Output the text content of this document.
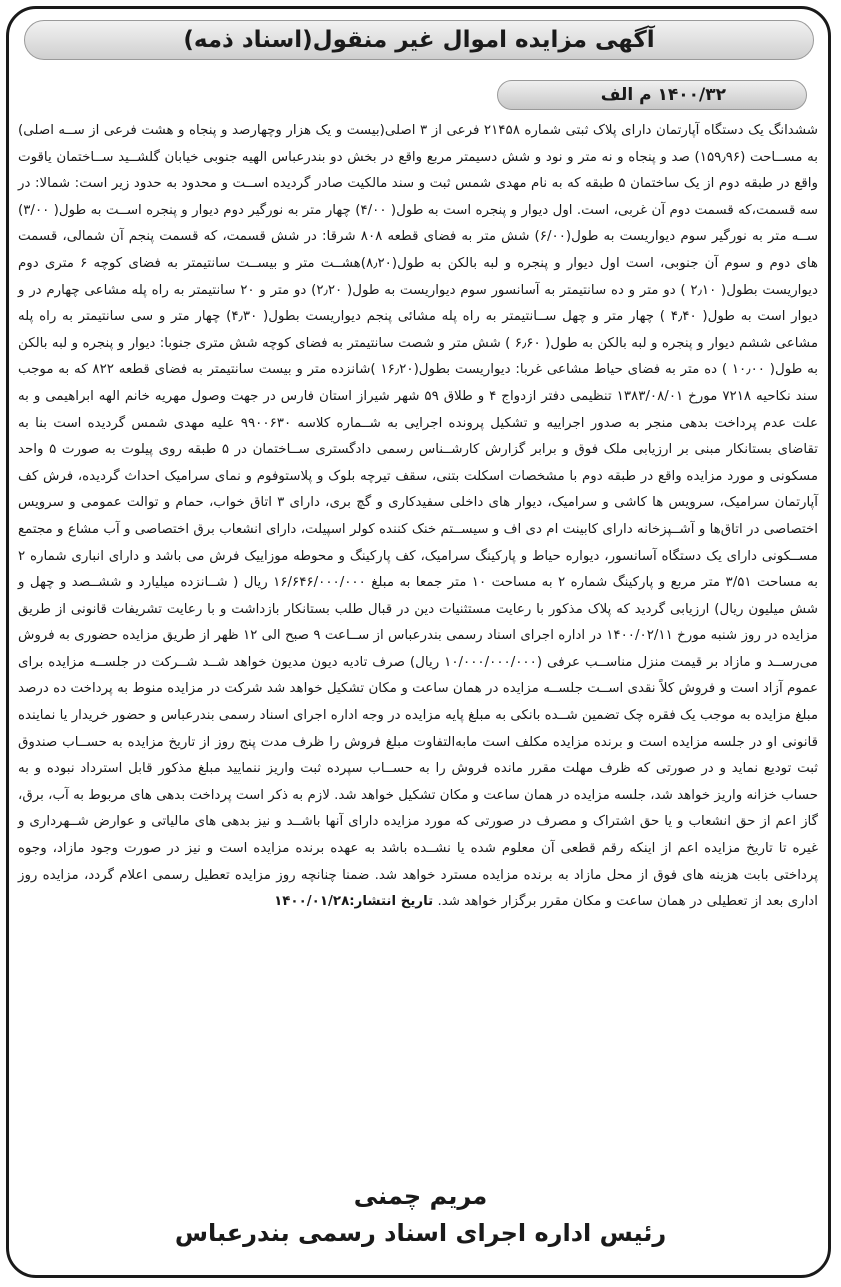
آگهی مزایده اموال غیر منقول(اسناد ذمه)
۱۴۰۰/۳۲ م الف
ششدانگ یک دستگاه آپارتمان دارای پلاک ثبتی شماره ۲۱۴۵۸ فرعی از ۳ اصلی(بیست و یک هزار وچهارصد و پنجاه و هشت فرعی از ســه اصلی) به مســاحت (۱۵۹٫۹۶) صد و پنجاه و نه متر و نود و شش دسیمتر مربع واقع در بخش دو بندرعباس الهیه جنوبی خیابان گلشــید ســاختمان یاقوت واقع در طبقه دوم از یک ساختمان ۵ طبقه که به نام مهدی شمس ثبت و سند مالکیت صادر گردیده اســت و محدود به حدود زیر است: شمالا: در سه قسمت،که قسمت دوم آن غربی، است. اول دیوار و پنجره است به طول( ۴/۰۰) چهار متر به نورگیر دوم دیوار و پنجره اســت به طول( ۳/۰۰) ســه متر به نورگیر سوم دیواریست به طول(۶/۰۰) شش متر به فضای قطعه ۸۰۸ شرقا: در شش قسمت، که قسمت پنجم آن شمالی، قسمت های دوم و سوم آن جنوبی، است اول دیوار و پنجره و لبه بالکن به طول(۸٫۲۰)هشــت متر و بیســت سانتیمتر به فضای کوچه ۶ متری دوم دیواریست بطول( ۲٫۱۰ ) دو متر و ده سانتیمتر به آسانسور سوم دیواریست به طول( ۲٫۲۰) دو متر و ۲۰ سانتیمتر به راه پله مشاعی چهارم در و دیوار است به طول( ۴٫۴۰ ) چهار متر و چهل ســانتیمتر به راه پله مشائی پنجم دیواریست بطول( ۴٫۳۰) چهار متر و سی سانتیمتر به راه پله مشاعی ششم دیوار و پنجره و لبه بالکن به طول( ۶٫۶۰ ) شش متر و شصت سانتیمتر به فضای کوچه شش متری جنوبا: دیوار و پنجره و لبه بالکن به طول( ۱۰٫۰۰ ) ده متر به فضای حیاط مشاعی غربا: دیواریست بطول(۱۶٫۲۰ )شانزده متر و بیست سانتیمتر به فضای قطعه ۸۲۲ که به موجب سند نکاحیه ۷۲۱۸ مورخ ۱۳۸۳/۰۸/۰۱ تنظیمی دفتر ازدواج ۴ و طلاق ۵۹ شهر شیراز استان فارس در جهت وصول مهریه خانم الهه ابراهیمی و به علت عدم پرداخت بدهی منجر به صدور اجراییه و تشکیل پرونده اجرایی به شــماره کلاسه ۹۹۰۰۶۳۰ علیه مهدی شمس گردیده است بنا به تقاضای بستانکار مبنی بر ارزیابی ملک فوق و برابر گزارش کارشــناس رسمی دادگستری ســاختمان در ۵ طبقه روی پیلوت به صورت ۵ واحد مسکونی و مورد مزایده واقع در طبقه دوم با مشخصات اسکلت بتنی، سقف تیرچه بلوک و پلاستوفوم و نمای سرامیک احداث گردیده، فرش کف آپارتمان سرامیک، سرویس ها کاشی و سرامیک، دیوار های داخلی سفیدکاری و گچ بری، دارای ۳ اتاق خواب، حمام و توالت عمومی و سرویس اختصاصی در اتاق‌ها و آشــپزخانه دارای کابینت ام دی اف و سیســتم خنک کننده کولر اسپیلت، دارای انشعاب برق اختصاصی و آب مشاع و مجتمع مســکونی دارای یک دستگاه آسانسور، دیواره حیاط و پارکینگ سرامیک، کف پارکینگ و محوطه موزاییک فرش می باشد و دارای انباری شماره ۲ به مساحت ۳/۵۱ متر مربع و پارکینگ شماره ۲ به مساحت ۱۰ متر جمعا به مبلغ ۱۶/۶۴۶/۰۰۰/۰۰۰ ریال ( شــانزده میلیارد و ششــصد و چهل و شش میلیون ریال) ارزیابی گردید که پلاک مذکور با رعایت مستثنیات دین در قبال طلب بستانکار بازداشت و با رعایت تشریفات قانونی از طریق مزایده در روز شنبه مورخ ۱۴۰۰/۰۲/۱۱ در اداره اجرای اسناد رسمی بندرعباس از ســاعت ۹ صبح الی ۱۲ ظهر از طریق مزایده حضوری به فروش می‌رســد و مازاد بر قیمت منزل مناســب عرفی (۱۰/۰۰۰/۰۰۰/۰۰۰ ریال) صرف تادیه دیون مدیون خواهد شــد شــرکت در جلســه مزایده برای عموم آزاد است و فروش کلاً نقدی اســت جلســه مزایده در همان ساعت و مکان تشکیل خواهد شد شرکت در مزایده منوط به پرداخت ده درصد مبلغ مزایده به موجب یک فقره چک تضمین شــده بانکی به مبلغ پایه مزایده در وجه اداره اجرای اسناد رسمی بندرعباس و حضور خریدار یا نماینده قانونی او در جلسه مزایده است و برنده مزایده مکلف است مابه‌التفاوت مبلغ فروش را ظرف مدت پنج روز از تاریخ مزایده به حســاب صندوق ثبت تودیع نماید و در صورتی که ظرف مهلت مقرر مانده فروش را به حســاب سپرده ثبت واریز ننمایید مبلغ مذکور قابل استرداد نبوده و به حساب خزانه واریز خواهد شد، جلسه مزایده در همان ساعت و مکان تشکیل خواهد شد. لازم به ذکر است پرداخت بدهی های مربوط به آب، برق، گاز اعم از حق انشعاب و یا حق اشتراک و مصرف در صورتی که مورد مزایده دارای آنها باشــد و نیز بدهی های مالیاتی و عوارض شــهرداری و غیره تا تاریخ مزایده اعم از اینکه رقم قطعی آن معلوم شده یا نشــده باشد به عهده برنده مزایده است و نیز در صورت وجود مازاد، وجوه پرداختی بابت هزینه های فوق از محل مازاد به برنده مزایده مسترد خواهد شد. ضمنا چنانچه روز مزایده تعطیل رسمی اعلام گردد، مزایده روز اداری بعد از تعطیلی در همان ساعت و مکان مقرر برگزار خواهد شد. تاریخ انتشار:۱۴۰۰/۰۱/۲۸
مریم چمنی
رئیس اداره اجرای اسناد رسمی بندرعباس
